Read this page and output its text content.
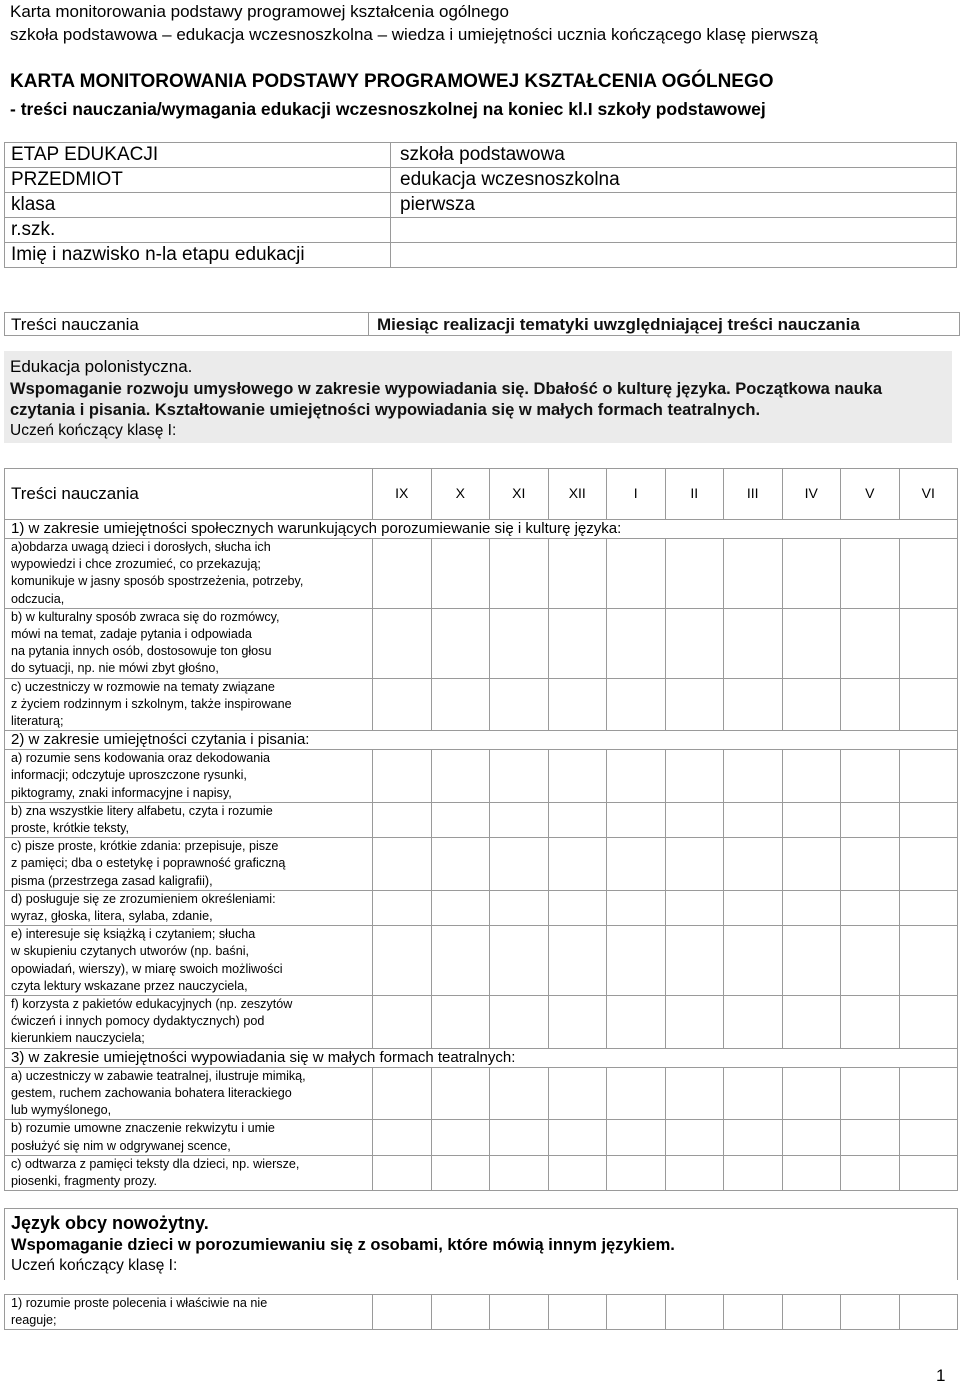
Karta monitorowania podstawy programowej kształcenia ogólnego
szkoła podstawowa – edukacja wczesnoszkolna – wiedza i umiejętności ucznia kończącego klasę pierwszą
KARTA MONITOROWANIA PODSTAWY PROGRAMOWEJ KSZTAŁCENIA OGÓLNEGO
- treści nauczania/wymagania edukacji wczesnoszkolnej na koniec kl.I szkoły podstawowej
ETAP EDUKACJI	szkoła podstawowa
PRZEDMIOT	edukacja wczesnoszkolna
klasa	pierwsza
r.szk.	
Imię i nazwisko n-la etapu edukacji	
Treści nauczania	Miesiąc realizacji tematyki uwzględniającej treści nauczania
Edukacja polonistyczna.
Wspomaganie rozwoju umysłowego w zakresie wypowiadania się. Dbałość o kulturę języka. Początkowa nauka czytania i pisania. Kształtowanie umiejętności wypowiadania się w małych formach teatralnych.
Uczeń kończący klasę I:
Treści nauczania	IX	X	XI	XII	I	II	III	IV	V	VI
1) w zakresie umiejętności społecznych warunkujących porozumiewanie się i kulturę języka:										
a)obdarza uwagą dzieci i dorosłych, słucha ich
wypowiedzi i chce zrozumieć, co przekazują;
komunikuje w jasny sposób spostrzeżenia, potrzeby,
odczucia,										
b) w kulturalny sposób zwraca się do rozmówcy,
mówi na temat, zadaje pytania i odpowiada
na pytania innych osób, dostosowuje ton głosu
do sytuacji, np. nie mówi zbyt głośno,										
c) uczestniczy w rozmowie na tematy związane
z życiem rodzinnym i szkolnym, także inspirowane
literaturą;										
2) w zakresie umiejętności czytania i pisania:										
a) rozumie sens kodowania oraz dekodowania
informacji; odczytuje uproszczone rysunki,
piktogramy, znaki informacyjne i napisy,										
b) zna wszystkie litery alfabetu, czyta i rozumie
proste, krótkie teksty,										
c) pisze proste, krótkie zdania: przepisuje, pisze
z pamięci; dba o estetykę i poprawność graficzną
pisma (przestrzega zasad kaligrafii),										
d) posługuje się ze zrozumieniem określeniami:
wyraz, głoska, litera, sylaba, zdanie,										
e) interesuje się książką i czytaniem; słucha
w skupieniu czytanych utworów (np. baśni,
opowiadań, wierszy), w miarę swoich możliwości
czyta lektury wskazane przez nauczyciela,										
f) korzysta z pakietów edukacyjnych (np. zeszytów
ćwiczeń i innych pomocy dydaktycznych) pod
kierunkiem nauczyciela;										
3) w zakresie umiejętności wypowiadania się w małych formach teatralnych:										
a) uczestniczy w zabawie teatralnej, ilustruje mimiką,
gestem, ruchem zachowania bohatera literackiego
lub wymyślonego,										
b) rozumie umowne znaczenie rekwizytu i umie
posłużyć się nim w odgrywanej scence,										
c) odtwarza z pamięci teksty dla dzieci, np. wiersze,
piosenki, fragmenty prozy.										
Język obcy nowożytny.
Wspomaganie dzieci w porozumiewaniu się z osobami, które mówią innym językiem.
Uczeń kończący klasę I:
1) rozumie proste polecenia i właściwie na nie
reaguje;										
1
